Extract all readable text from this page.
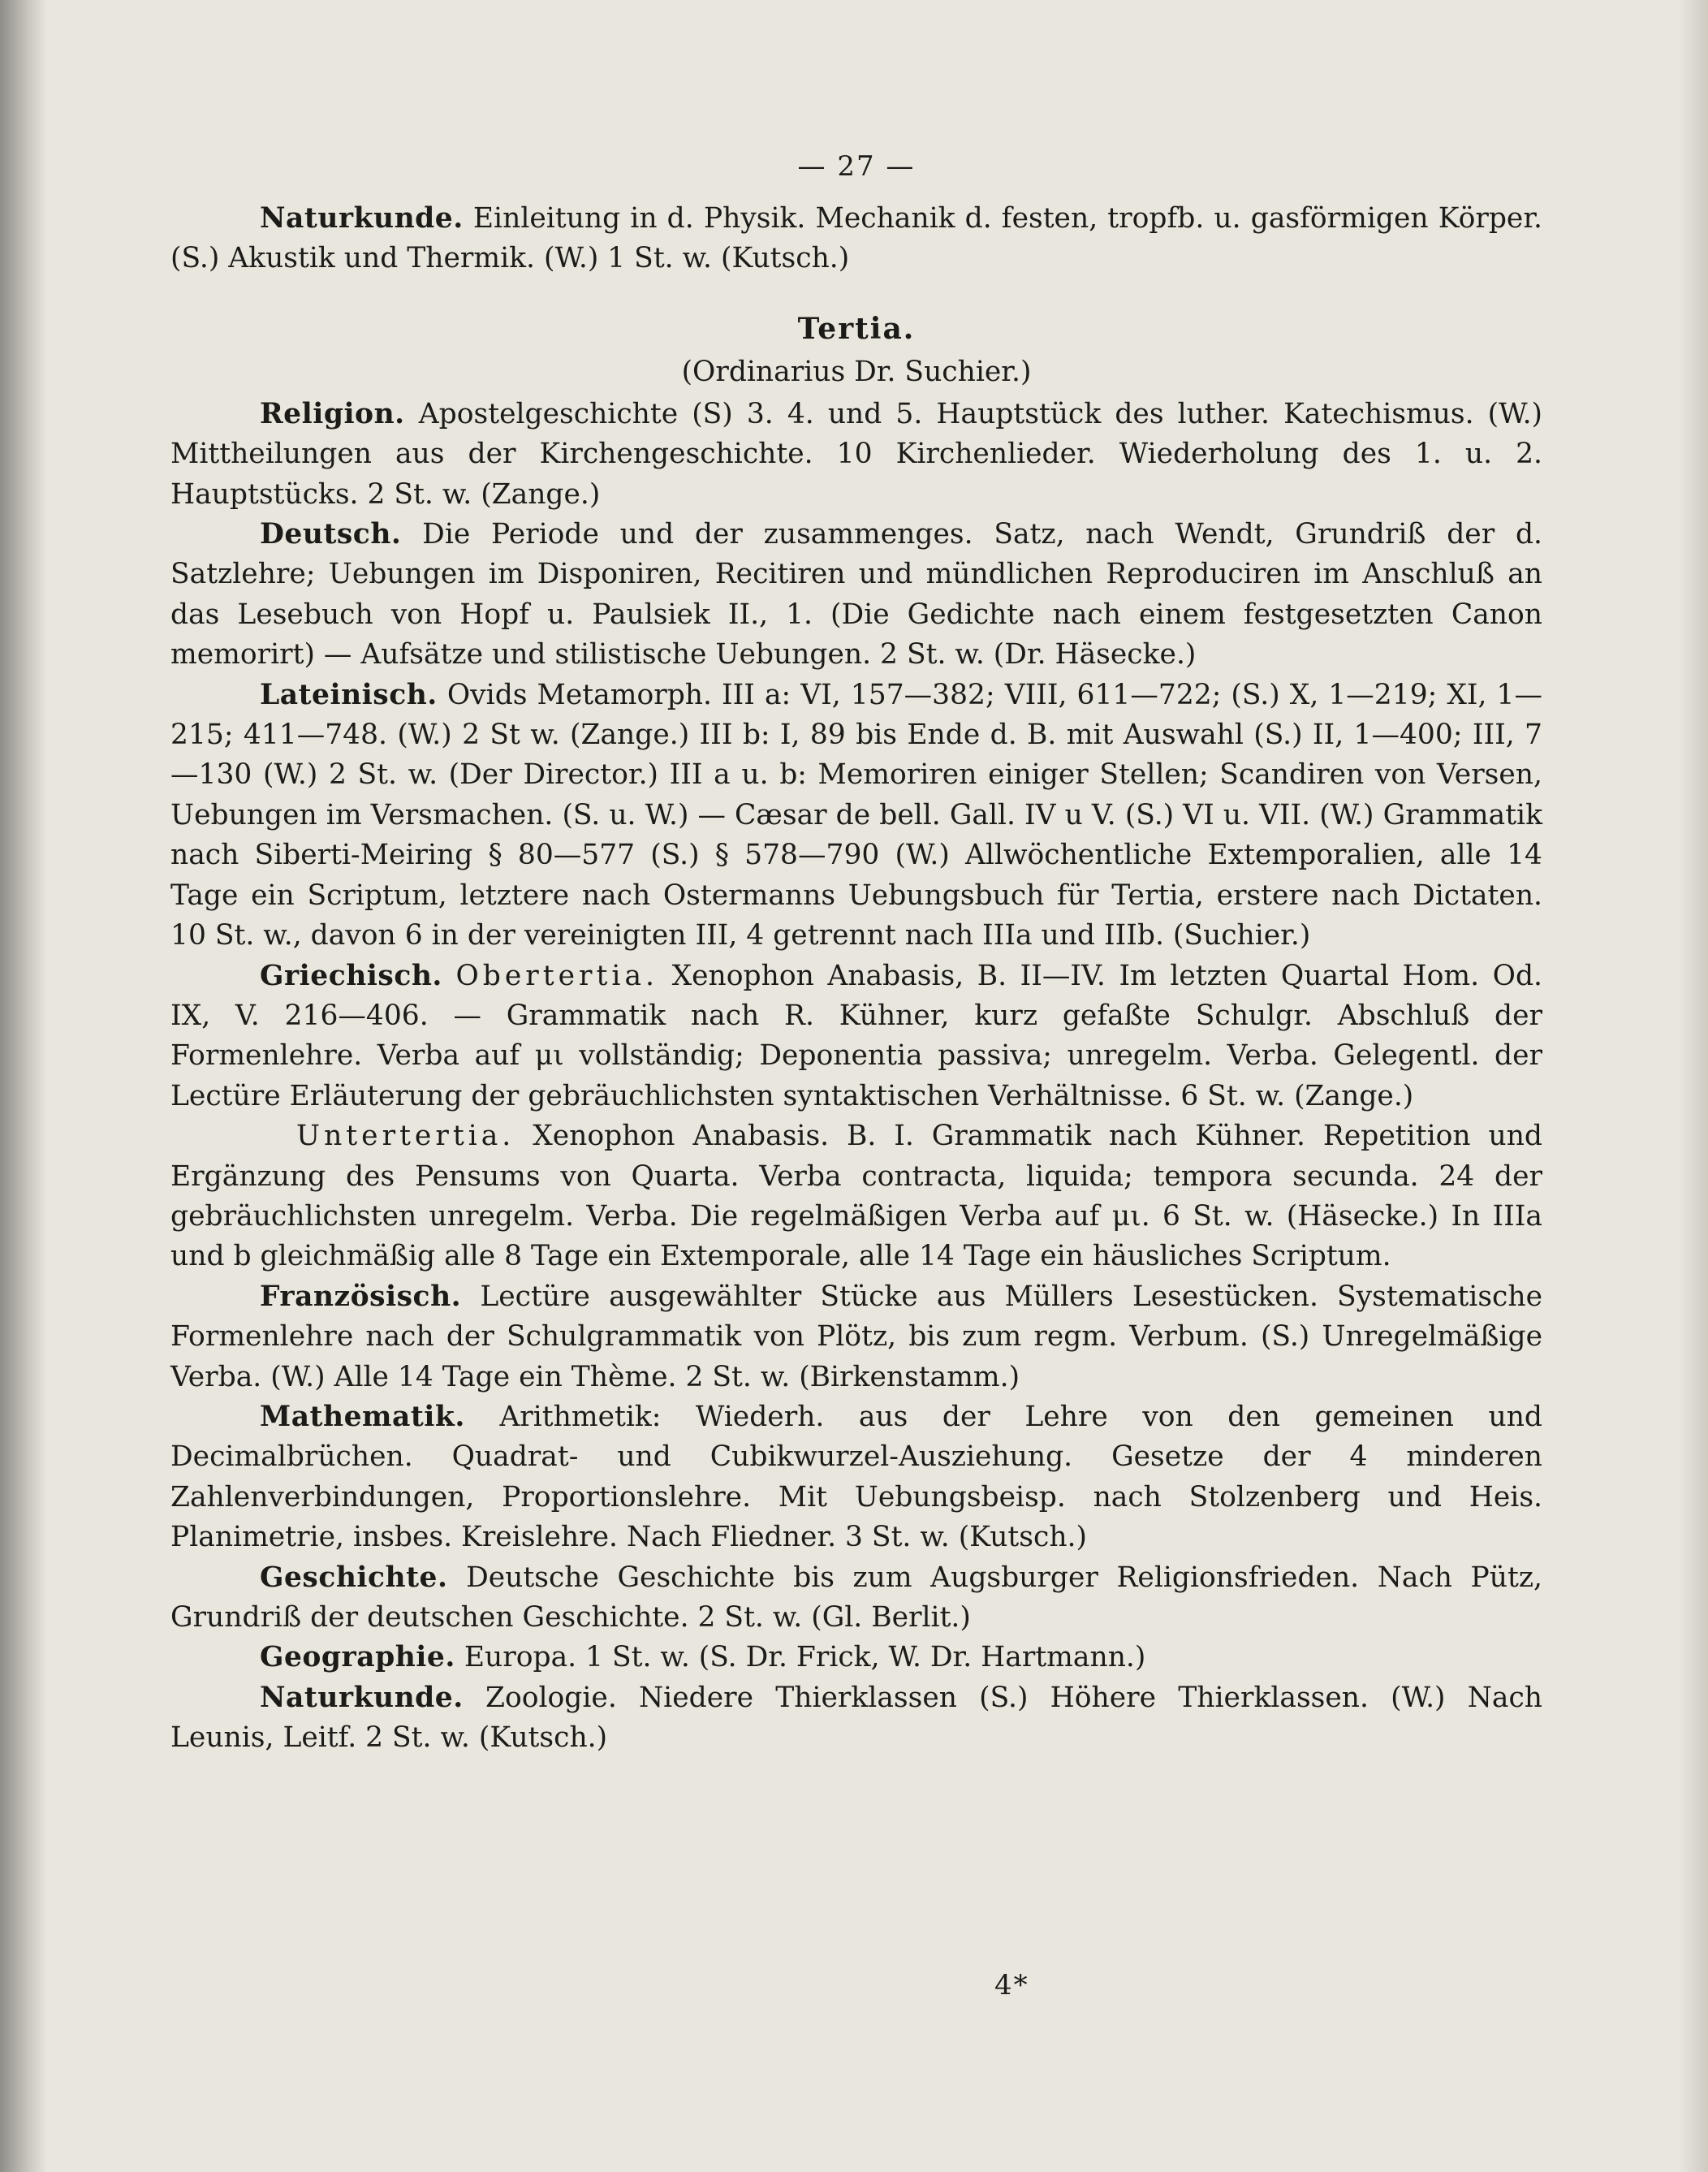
— 27 —

Naturkunde. Einleitung in d. Physik. Mechanik d. festen, tropfb. u. gasförmigen Körper. (S.) Akustik und Thermik. (W.) 1 St. w. (Kutsch.)

Tertia.
(Ordinarius Dr. Suchier.)

Religion. Apostelgeschichte (S) 3. 4. und 5. Hauptstück des luther. Katechismus. (W.) Mittheilungen aus der Kirchengeschichte. 10 Kirchenlieder. Wiederholung des 1. u. 2. Hauptstücks. 2 St. w. (Zange.)

Deutsch. Die Periode und der zusammenges. Satz, nach Wendt, Grundriß der d. Satzlehre; Uebungen im Disponiren, Recitiren und mündlichen Reproduciren im Anschluß an das Lesebuch von Hopf u. Paulsiek II., 1. (Die Gedichte nach einem festgesetzten Canon memorirt) — Aufsätze und stilistische Uebungen. 2 St. w. (Dr. Häsecke.)

Lateinisch. Ovids Metamorph. III a: VI, 157—382; VIII, 611—722; (S.) X, 1—219; XI, 1—215; 411—748. (W.) 2 St w. (Zange.) III b: I, 89 bis Ende d. B. mit Auswahl (S.) II, 1—400; III, 7—130 (W.) 2 St. w. (Der Director.) III a u. b: Memoriren einiger Stellen; Scandiren von Versen, Uebungen im Versmachen. (S. u. W.) — Cæsar de bell. Gall. IV u V. (S.) VI u. VII. (W.) Grammatik nach Siberti-Meiring § 80—577 (S.) § 578—790 (W.) Allwöchentliche Extemporalien, alle 14 Tage ein Scriptum, letztere nach Ostermanns Uebungsbuch für Tertia, erstere nach Dictaten. 10 St. w., davon 6 in der vereinigten III, 4 getrennt nach IIIa und IIIb. (Suchier.)

Griechisch. Obertertia. Xenophon Anabasis, B. II—IV. Im letzten Quartal Hom. Od. IX, V. 216—406. — Grammatik nach R. Kühner, kurz gefaßte Schulgr. Abschluß der Formenlehre. Verba auf μι vollständig; Deponentia passiva; unregelm. Verba. Gelegentl. der Lectüre Erläuterung der gebräuchlichsten syntaktischen Verhältnisse. 6 St. w. (Zange.)

Untertertia. Xenophon Anabasis. B. I. Grammatik nach Kühner. Repetition und Ergänzung des Pensums von Quarta. Verba contracta, liquida; tempora secunda. 24 der gebräuchlichsten unregelm. Verba. Die regelmäßigen Verba auf μι. 6 St. w. (Häsecke.) In IIIa und b gleichmäßig alle 8 Tage ein Extemporale, alle 14 Tage ein häusliches Scriptum.

Französisch. Lectüre ausgewählter Stücke aus Müllers Lesestücken. Systematische Formenlehre nach der Schulgrammatik von Plötz, bis zum regm. Verbum. (S.) Unregelmäßige Verba. (W.) Alle 14 Tage ein Thème. 2 St. w. (Birkenstamm.)

Mathematik. Arithmetik: Wiederh. aus der Lehre von den gemeinen und Decimalbrüchen. Quadrat- und Cubikwurzel-Ausziehung. Gesetze der 4 minderen Zahlenverbindungen, Proportionslehre. Mit Uebungsbeisp. nach Stolzenberg und Heis. Planimetrie, insbes. Kreislehre. Nach Fliedner. 3 St. w. (Kutsch.)

Geschichte. Deutsche Geschichte bis zum Augsburger Religionsfrieden. Nach Pütz, Grundriß der deutschen Geschichte. 2 St. w. (Gl. Berlit.)

Geographie. Europa. 1 St. w. (S. Dr. Frick, W. Dr. Hartmann.)

Naturkunde. Zoologie. Niedere Thierklassen (S.) Höhere Thierklassen. (W.) Nach Leunis, Leitf. 2 St. w. (Kutsch.)

4*
